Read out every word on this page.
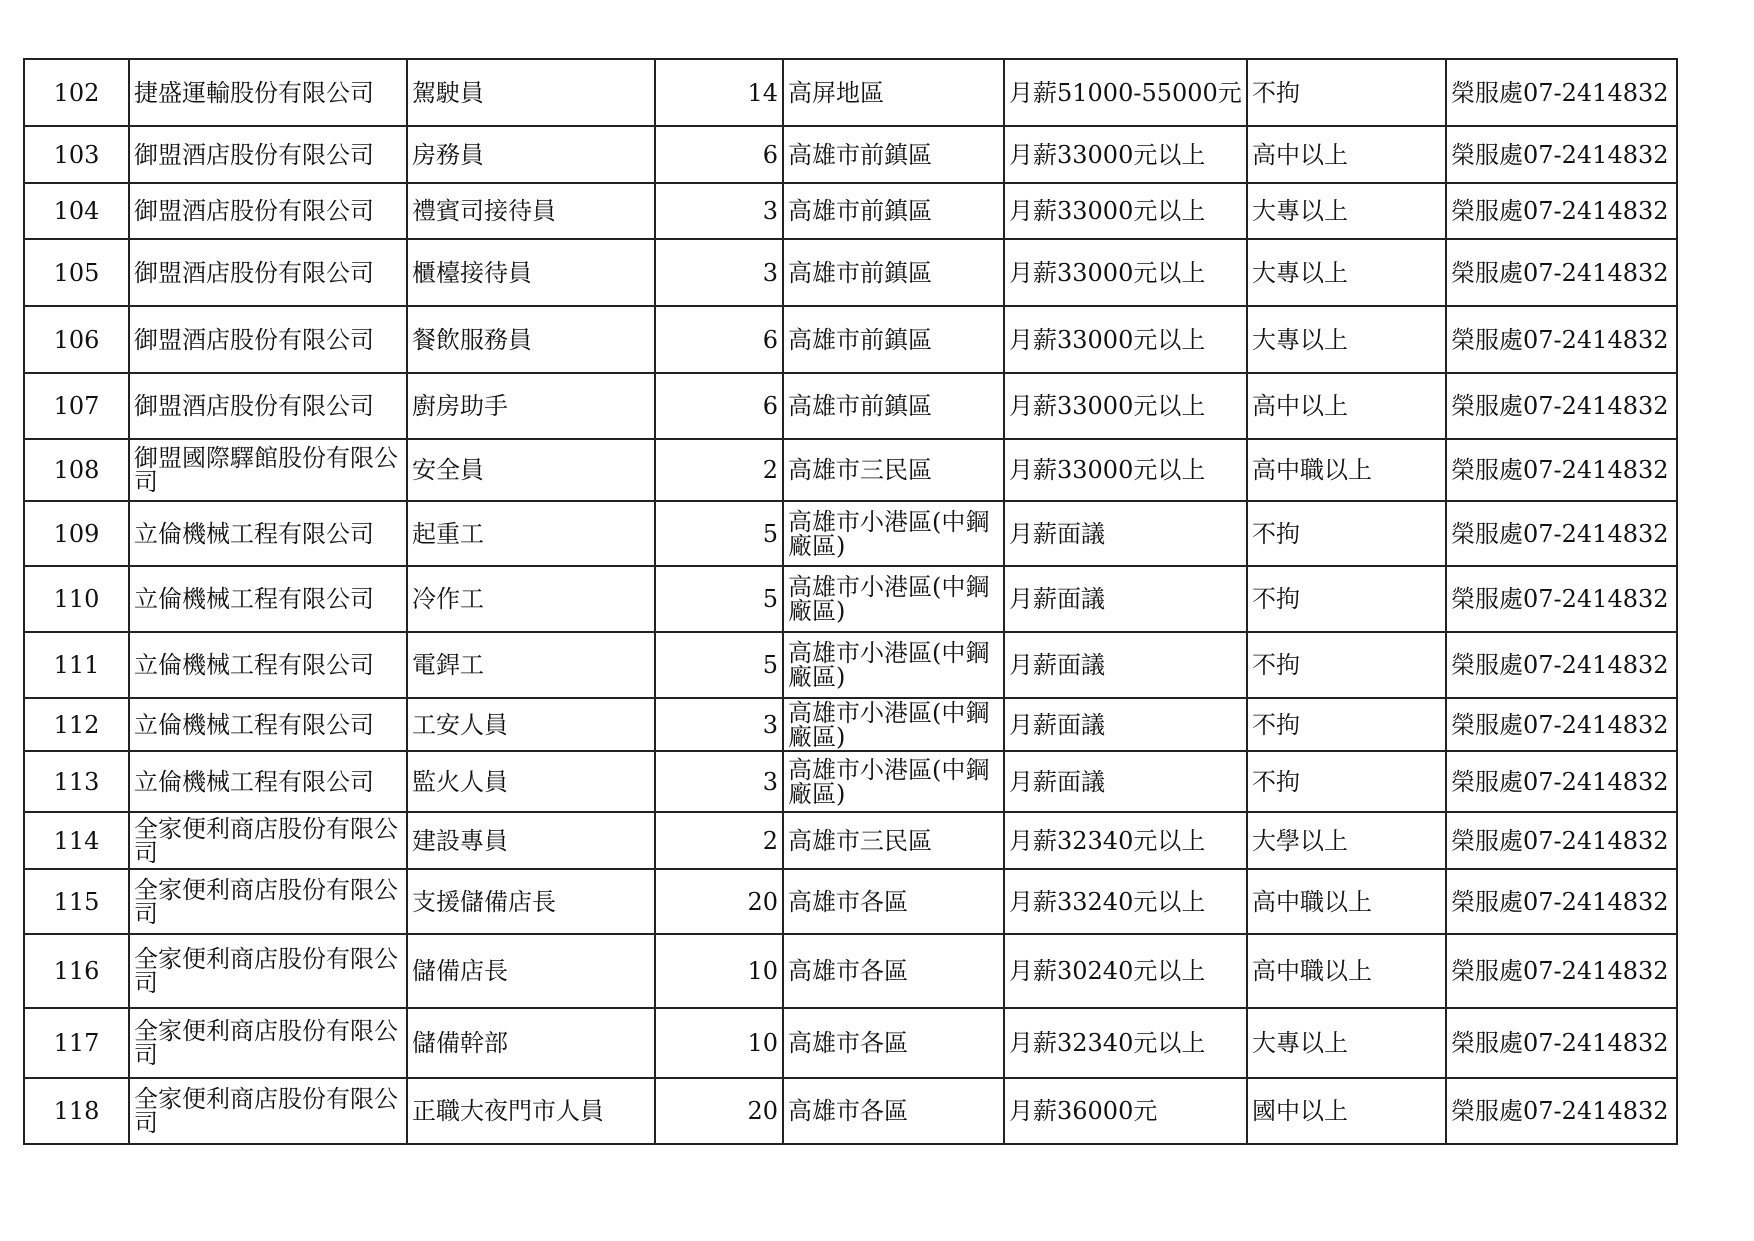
102	捷盛運輸股份有限公司	駕駛員	14	高屏地區	月薪51000-55000元	不拘	榮服處07-2414832
103	御盟酒店股份有限公司	房務員	6	高雄市前鎮區	月薪33000元以上	高中以上	榮服處07-2414832
104	御盟酒店股份有限公司	禮賓司接待員	3	高雄市前鎮區	月薪33000元以上	大專以上	榮服處07-2414832
105	御盟酒店股份有限公司	櫃檯接待員	3	高雄市前鎮區	月薪33000元以上	大專以上	榮服處07-2414832
106	御盟酒店股份有限公司	餐飲服務員	6	高雄市前鎮區	月薪33000元以上	大專以上	榮服處07-2414832
107	御盟酒店股份有限公司	廚房助手	6	高雄市前鎮區	月薪33000元以上	高中以上	榮服處07-2414832
108	御盟國際驛館股份有限公司	安全員	2	高雄市三民區	月薪33000元以上	高中職以上	榮服處07-2414832
109	立倫機械工程有限公司	起重工	5	高雄市小港區(中鋼廠區)	月薪面議	不拘	榮服處07-2414832
110	立倫機械工程有限公司	冷作工	5	高雄市小港區(中鋼廠區)	月薪面議	不拘	榮服處07-2414832
111	立倫機械工程有限公司	電銲工	5	高雄市小港區(中鋼廠區)	月薪面議	不拘	榮服處07-2414832
112	立倫機械工程有限公司	工安人員	3	高雄市小港區(中鋼廠區)	月薪面議	不拘	榮服處07-2414832
113	立倫機械工程有限公司	監火人員	3	高雄市小港區(中鋼廠區)	月薪面議	不拘	榮服處07-2414832
114	全家便利商店股份有限公司	建設專員	2	高雄市三民區	月薪32340元以上	大學以上	榮服處07-2414832
115	全家便利商店股份有限公司	支援儲備店長	20	高雄市各區	月薪33240元以上	高中職以上	榮服處07-2414832
116	全家便利商店股份有限公司	儲備店長	10	高雄市各區	月薪30240元以上	高中職以上	榮服處07-2414832
117	全家便利商店股份有限公司	儲備幹部	10	高雄市各區	月薪32340元以上	大專以上	榮服處07-2414832
118	全家便利商店股份有限公司	正職大夜門市人員	20	高雄市各區	月薪36000元	國中以上	榮服處07-2414832
